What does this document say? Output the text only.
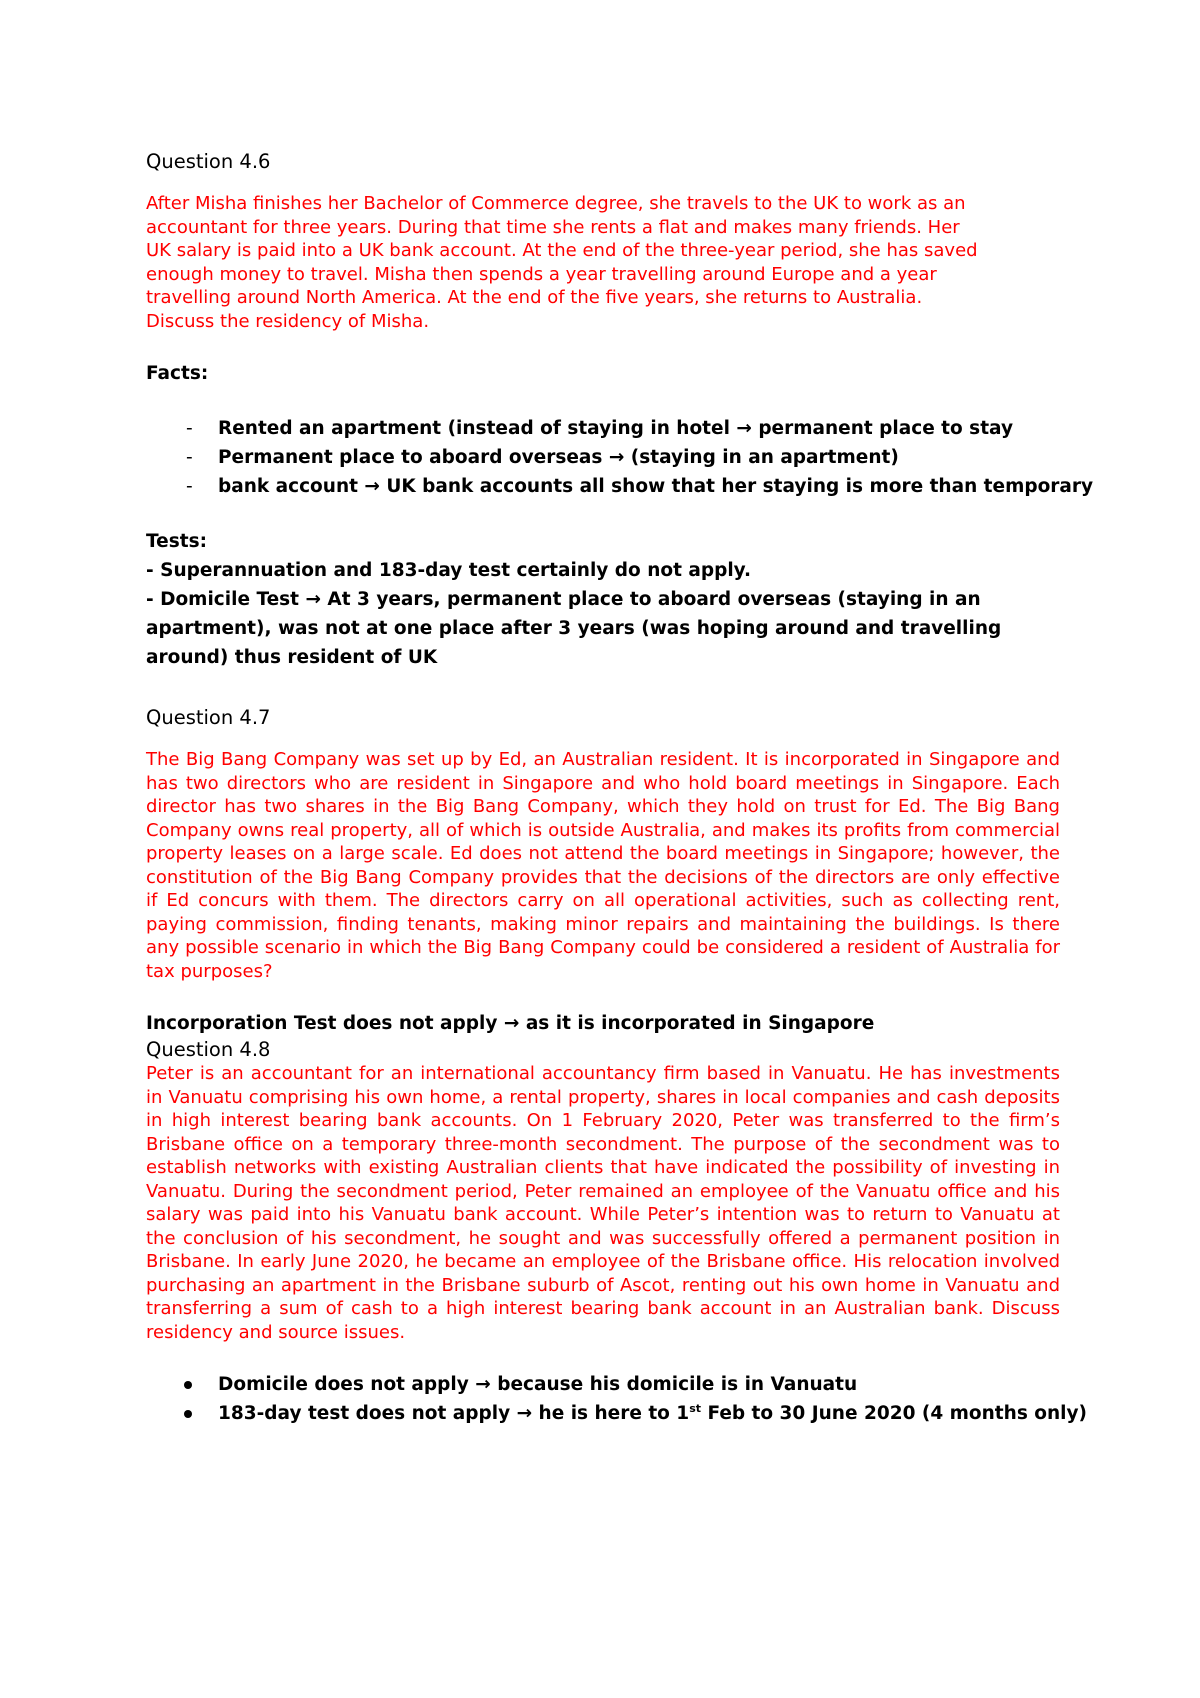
Question 4.6

After Misha finishes her Bachelor of Commerce degree, she travels to the UK to work as an accountant for three years. During that time she rents a flat and makes many friends. Her UK salary is paid into a UK bank account. At the end of the three-year period, she has saved enough money to travel. Misha then spends a year travelling around Europe and a year travelling around North America. At the end of the five years, she returns to Australia. Discuss the residency of Misha.

Facts:

- Rented an apartment (instead of staying in hotel → permanent place to stay
- Permanent place to aboard overseas → (staying in an apartment)
- bank account → UK bank accounts all show that her staying is more than temporary

Tests:

- Superannuation and 183-day test certainly do not apply.

- Domicile Test → At 3 years, permanent place to aboard overseas (staying in an apartment), was not at one place after 3 years (was hoping around and travelling around) thus resident of UK

Question 4.7

The Big Bang Company was set up by Ed, an Australian resident. It is incorporated in Singapore and has two directors who are resident in Singapore and who hold board meetings in Singapore. Each director has two shares in the Big Bang Company, which they hold on trust for Ed. The Big Bang Company owns real property, all of which is outside Australia, and makes its profits from commercial property leases on a large scale. Ed does not attend the board meetings in Singapore; however, the constitution of the Big Bang Company provides that the decisions of the directors are only effective if Ed concurs with them. The directors carry on all operational activities, such as collecting rent, paying commission, finding tenants, making minor repairs and maintaining the buildings. Is there any possible scenario in which the Big Bang Company could be considered a resident of Australia for tax purposes?

Incorporation Test does not apply → as it is incorporated in Singapore

Question 4.8

Peter is an accountant for an international accountancy firm based in Vanuatu. He has investments in Vanuatu comprising his own home, a rental property, shares in local companies and cash deposits in high interest bearing bank accounts. On 1 February 2020, Peter was transferred to the firm’s Brisbane office on a temporary three-month secondment. The purpose of the secondment was to establish networks with existing Australian clients that have indicated the possibility of investing in Vanuatu. During the secondment period, Peter remained an employee of the Vanuatu office and his salary was paid into his Vanuatu bank account. While Peter’s intention was to return to Vanuatu at the conclusion of his secondment, he sought and was successfully offered a permanent position in Brisbane. In early June 2020, he became an employee of the Brisbane office. His relocation involved purchasing an apartment in the Brisbane suburb of Ascot, renting out his own home in Vanuatu and transferring a sum of cash to a high interest bearing bank account in an Australian bank. Discuss residency and source issues.

Domicile does not apply → because his domicile is in Vanuatu
183-day test does not apply → he is here to 1st Feb to 30 June 2020 (4 months only)
